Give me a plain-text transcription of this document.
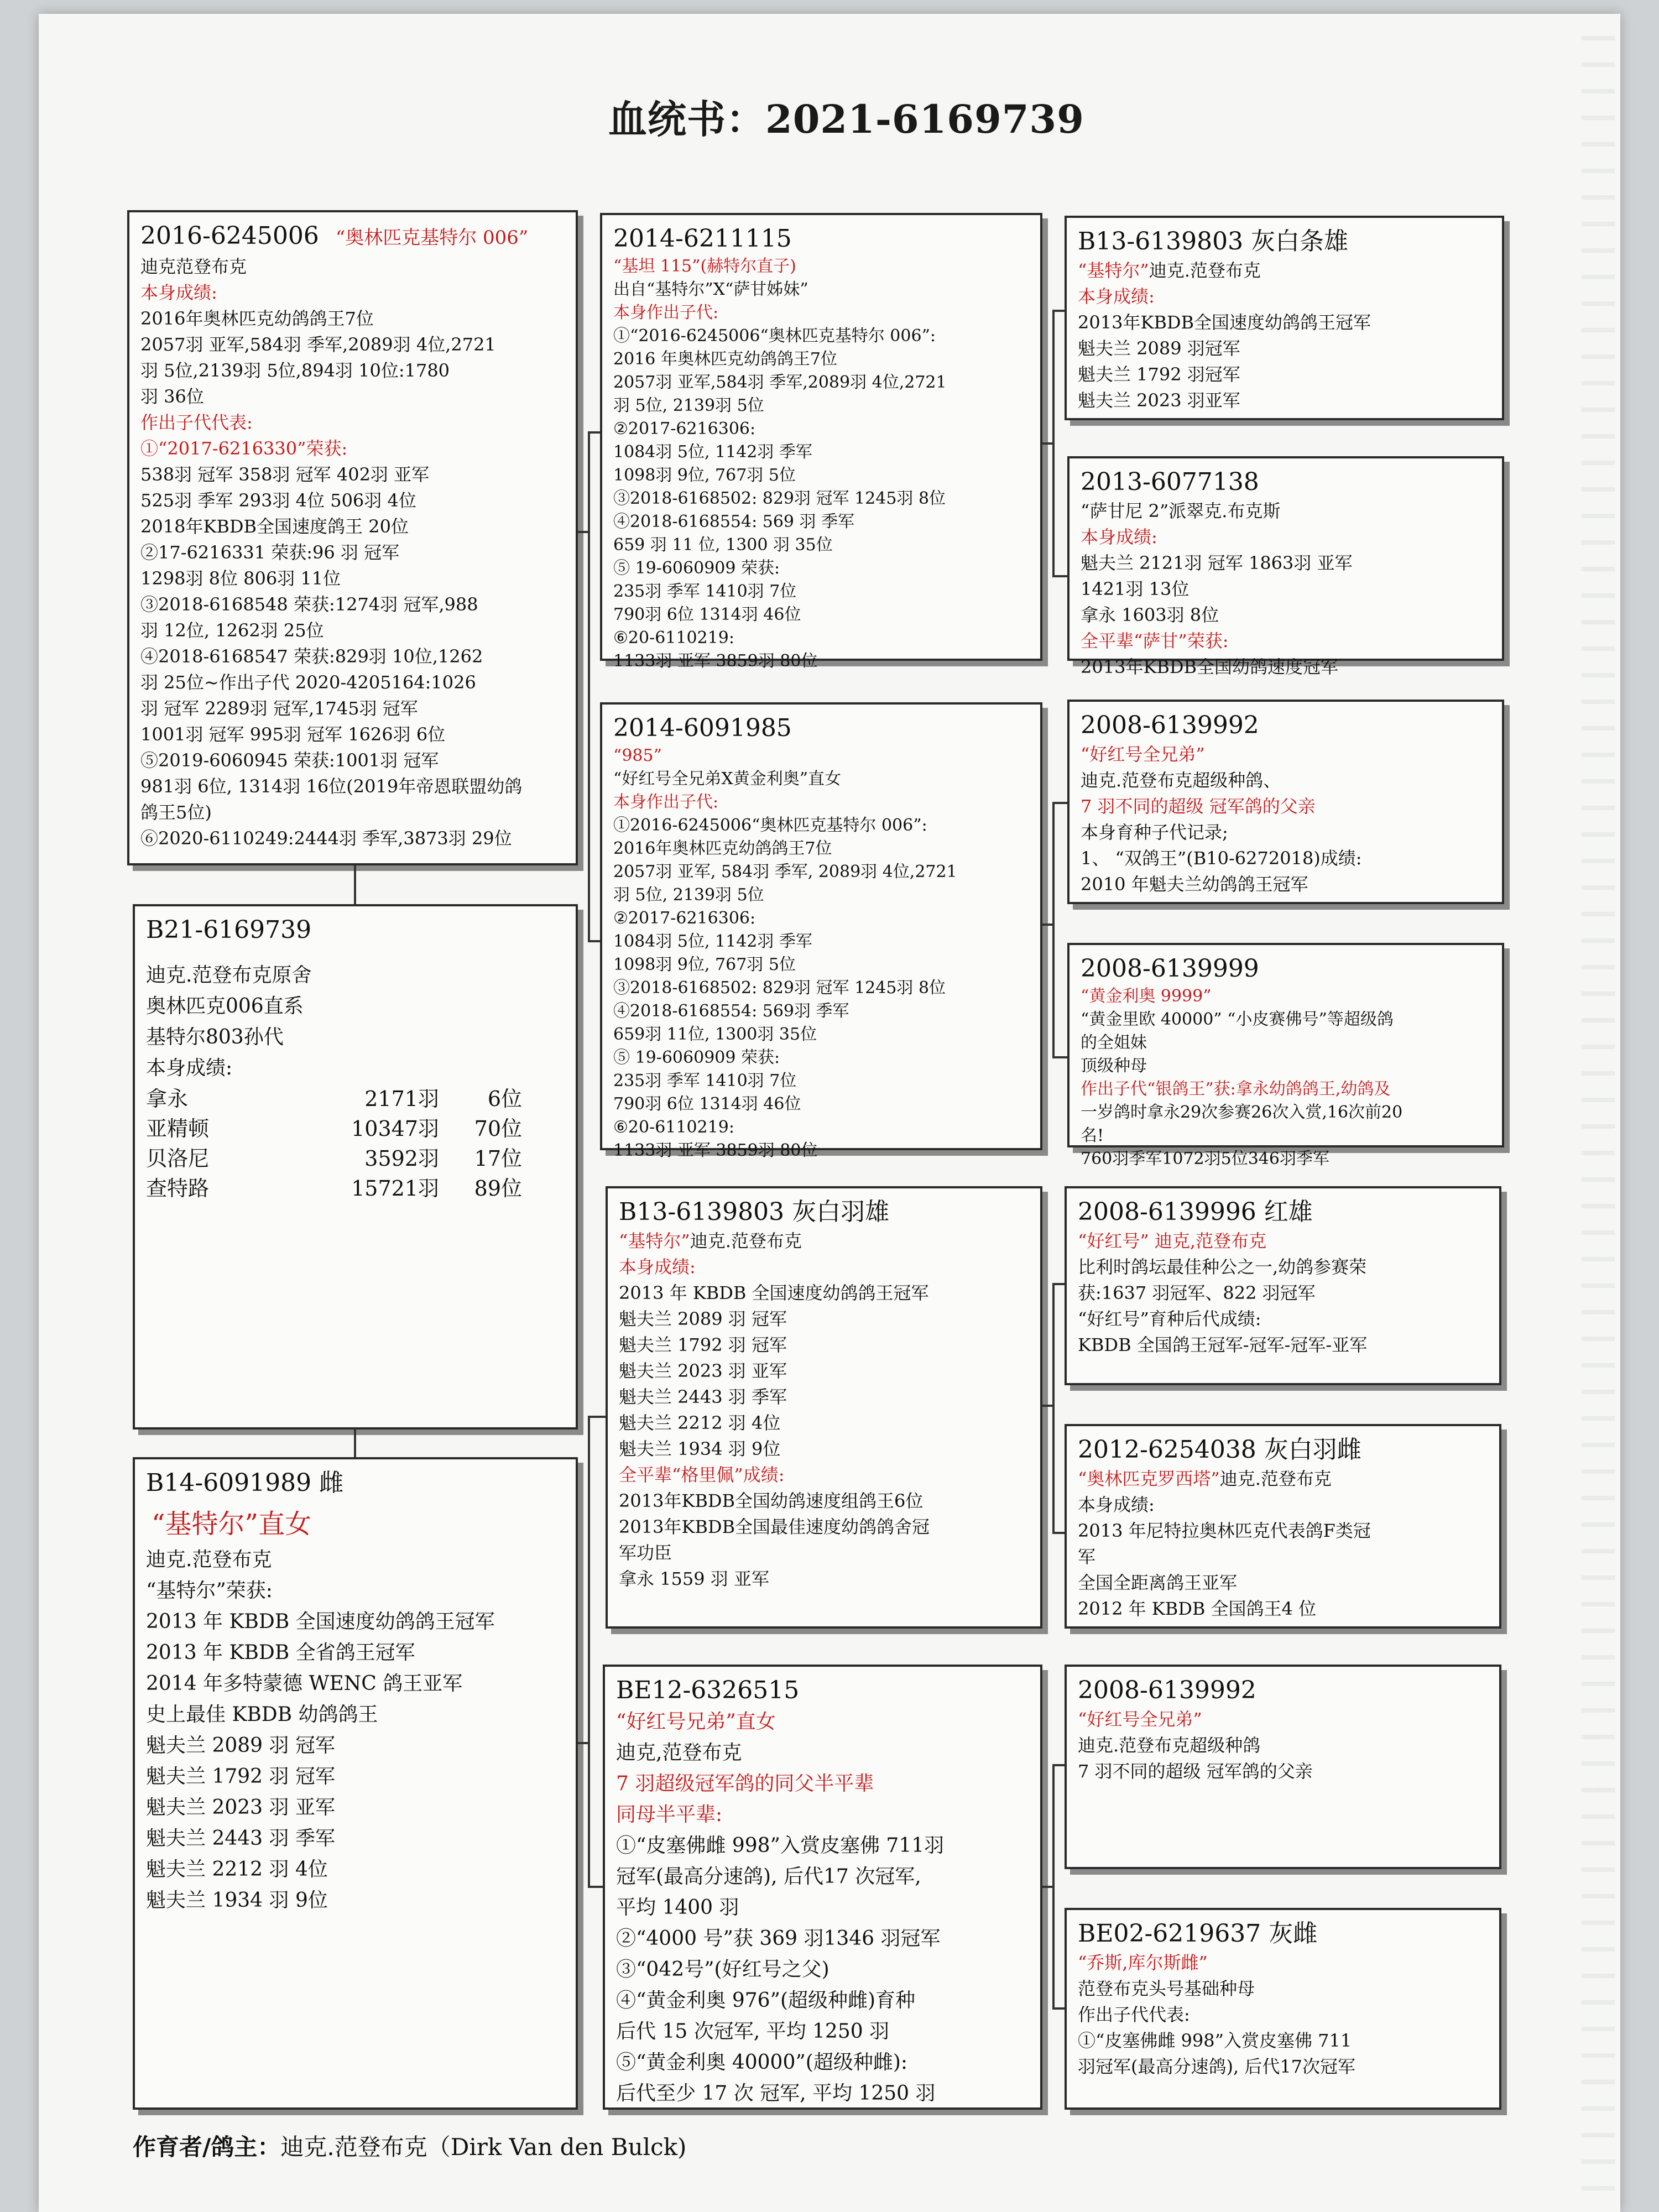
血统书：2021-6169739
2016-6245006 “奥林匹克基特尔 006”
迪克范登布克
本身成绩:
2016年奥林匹克幼鸽鸽王7位
2057羽 亚军,584羽 季军,2089羽 4位,2721
羽 5位,2139羽 5位,894羽 10位:1780
羽 36位
作出子代代表:
①“2017-6216330”荣获:
538羽 冠军 358羽 冠军 402羽 亚军
525羽 季军 293羽 4位 506羽 4位
2018年KBDB全国速度鸽王 20位
②17-6216331 荣获:96 羽 冠军
1298羽 8位 806羽 11位
③2018-6168548 荣获:1274羽 冠军,988
羽 12位, 1262羽 25位
④2018-6168547 荣获:829羽 10位,1262
羽 25位~作出子代 2020-4205164:1026
羽 冠军 2289羽 冠军,1745羽 冠军
1001羽 冠军 995羽 冠军 1626羽 6位
⑤2019-6060945 荣获:1001羽 冠军
981羽 6位, 1314羽 16位(2019年帝恩联盟幼鸽
鸽王5位)
⑥2020-6110249:2444羽 季军,3873羽 29位
B21-6169739
迪克.范登布克原舍
奥林匹克006直系
基特尔803孙代
本身成绩:
拿永	2171羽 6位
亚精顿	10347羽 70位
贝洛尼	3592羽 17位
查特路	15721羽 89位
B14-6091989 雌
“基特尔”直女
迪克.范登布克
“基特尔”荣获:
2013 年 KBDB 全国速度幼鸽鸽王冠军
2013 年 KBDB 全省鸽王冠军
2014 年多特蒙德 WENC 鸽王亚军
史上最佳 KBDB 幼鸽鸽王
魁夫兰 2089 羽 冠军
魁夫兰 1792 羽 冠军
魁夫兰 2023 羽 亚军
魁夫兰 2443 羽 季军
魁夫兰 2212 羽 4位
魁夫兰 1934 羽 9位
2014-6211115
“基坦 115”(赫特尔直子)
出自“基特尔”X“萨甘姊妹”
本身作出子代:
①“2016-6245006“奥林匹克基特尔 006”:
2016 年奥林匹克幼鸽鸽王7位
2057羽 亚军,584羽 季军,2089羽 4位,2721
羽 5位, 2139羽 5位
②2017-6216306:
1084羽 5位, 1142羽 季军
1098羽 9位, 767羽 5位
③2018-6168502: 829羽 冠军 1245羽 8位
④2018-6168554: 569 羽 季军
659 羽 11 位, 1300 羽 35位
⑤ 19-6060909 荣获:
235羽 季军 1410羽 7位
790羽 6位 1314羽 46位
⑥20-6110219:
1133羽 亚军 3859羽 80位
2014-6091985
“985”
“好红号全兄弟X黄金利奥”直女
本身作出子代:
①2016-6245006“奥林匹克基特尔 006”:
2016年奥林匹克幼鸽鸽王7位
2057羽 亚军, 584羽 季军, 2089羽 4位,2721
羽 5位, 2139羽 5位
②2017-6216306:
1084羽 5位, 1142羽 季军
1098羽 9位, 767羽 5位
③2018-6168502: 829羽 冠军 1245羽 8位
④2018-6168554: 569羽 季军
659羽 11位, 1300羽 35位
⑤ 19-6060909 荣获:
235羽 季军 1410羽 7位
790羽 6位 1314羽 46位
⑥20-6110219:
1133羽 亚军 3859羽 80位
B13-6139803 灰白羽雄
“基特尔”迪克.范登布克
本身成绩:
2013 年 KBDB 全国速度幼鸽鸽王冠军
魁夫兰 2089 羽 冠军
魁夫兰 1792 羽 冠军
魁夫兰 2023 羽 亚军
魁夫兰 2443 羽 季军
魁夫兰 2212 羽 4位
魁夫兰 1934 羽 9位
全平辈“格里佩”成绩:
2013年KBDB全国幼鸽速度组鸽王6位
2013年KBDB全国最佳速度幼鸽鸽舍冠
军功臣
拿永 1559 羽 亚军
BE12-6326515
“好红号兄弟”直女
迪克,范登布克
7 羽超级冠军鸽的同父半平辈
同母半平辈:
①“皮塞佛雌 998”入赏皮塞佛 711羽
冠军(最高分速鸽), 后代17 次冠军,
平均 1400 羽
②“4000 号”获 369 羽1346 羽冠军
③“042号”(好红号之父)
④“黄金利奥 976”(超级种雌)育种
后代 15 次冠军, 平均 1250 羽
⑤“黄金利奥 40000”(超级种雌):
后代至少 17 次 冠军, 平均 1250 羽
B13-6139803 灰白条雄
“基特尔”迪克.范登布克
本身成绩:
2013年KBDB全国速度幼鸽鸽王冠军
魁夫兰 2089 羽冠军
魁夫兰 1792 羽冠军
魁夫兰 2023 羽亚军
2013-6077138
“萨甘尼 2”派翠克.布克斯
本身成绩:
魁夫兰 2121羽 冠军 1863羽 亚军
1421羽 13位
拿永 1603羽 8位
全平辈“萨甘”荣获:
2013年KBDB全国幼鸽速度冠军
2008-6139992
“好红号全兄弟”
迪克.范登布克超级种鸽、
7 羽不同的超级 冠军鸽的父亲
本身育种子代记录;
1、 “双鸽王”(B10-6272018)成绩:
2010 年魁夫兰幼鸽鸽王冠军
2008-6139999
“黄金利奥 9999”
“黄金里欧 40000” “小皮赛佛号”等超级鸽
的全姐妹
顶级种母
作出子代“银鸽王”获:拿永幼鸽鸽王,幼鸽及
一岁鸽时拿永29次参赛26次入赏,16次前20
名!
760羽季军1072羽5位346羽季军
2008-6139996 红雄
“好红号” 迪克,范登布克
比利时鸽坛最佳种公之一,幼鸽参赛荣
获:1637 羽冠军、822 羽冠军
“好红号”育种后代成绩:
KBDB 全国鸽王冠军-冠军-冠军-亚军
2012-6254038 灰白羽雌
“奥林匹克罗西塔”迪克.范登布克
本身成绩:
2013 年尼特拉奥林匹克代表鸽F类冠
军
全国全距离鸽王亚军
2012 年 KBDB 全国鸽王4 位
2008-6139992
“好红号全兄弟”
迪克.范登布克超级种鸽
7 羽不同的超级 冠军鸽的父亲
BE02-6219637 灰雌
“乔斯,库尔斯雌”
范登布克头号基础种母
作出子代代表:
①“皮塞佛雌 998”入赏皮塞佛 711
羽冠军(最高分速鸽), 后代17次冠军
作育者/鸽主：迪克.范登布克（Dirk Van den Bulck)
